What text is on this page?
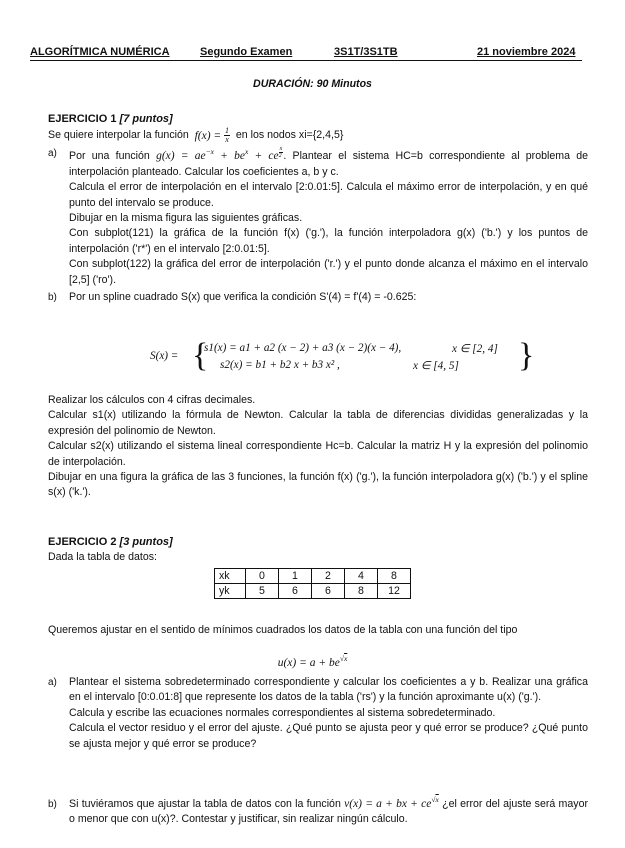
ALGORÍTMICA NUMÉRICA	Segundo Examen	3S1T/3S1TB	21 noviembre 2024
DURACIÓN: 90 Minutos
EJERCICIO 1 [7 puntos]
Se quiere interpolar la función  $f(x) = \frac{1}{x}$ en los nodos xi={2,4,5}
a) Por una función $g(x) = ae^{-x} + be^x$ + ce $^{\frac{x}{2}}$ . Plantear el sistema HC=b correspondiente al problema de interpolación planteado. Calcular los coeficientes a, b y c.
Calcula el error de interpolación en el intervalo [2:0.01:5]. Calcula el máximo error de interpolación, y en qué punto del intervalo se produce.
Dibujar en la misma figura las siguientes gráficas.
Con subplot(121) la gráfica de la función f(x) ('g.'), la función interpoladora g(x) ('b.') y los puntos de interpolación ('r*') en el intervalo [2:0.01:5].
Con subplot(122) la gráfica del error de interpolación ('r.') y el punto donde alcanza el máximo en el intervalo [2,5] ('ro').
b) Por un spline cuadrado S(x) que verifica la condición S'(4) = f'(4) = -0.625:
S(x) = {
s1(x) = a1 + a2 (x − 2) + a3 (x − 2)(x − 4),	x ∈ [2, 4]
s2(x) = b1 + b2 x + b3 x² ,	x ∈ [4, 5] }
Realizar los cálculos con 4 cifras decimales.
Calcular s1(x) utilizando la fórmula de Newton. Calcular la tabla de diferencias divididas generalizadas y la expresión del polinomio de Newton.
Calcular s2(x) utilizando el sistema lineal correspondiente Hc=b. Calcular la matriz H y la expresión del polinomio de interpolación.
Dibujar en una figura la gráfica de las 3 funciones, la función f(x) ('g.'), la función interpoladora g(x) ('b.') y el spline s(x) ('k.').
EJERCICIO 2 [3 puntos]
Dada la tabla de datos:
xk	0	1	2	4	8
yk	5	6	6	8	12
Queremos ajustar en el sentido de mínimos cuadrados los datos de la tabla con una función del tipo
$u(x) = a + be^{√x}$
a) Plantear el sistema sobredeterminado correspondiente y calcular los coeficientes a y b. Realizar una gráfica en el intervalo [0:0.01:8] que represente los datos de la tabla ('rs') y la función aproximante u(x) ('g.').
Calcula y escribe las ecuaciones normales correspondientes al sistema sobredeterminado.
Calcula el vector residuo y el error del ajuste. ¿Qué punto se ajusta peor y qué error se produce? ¿Qué punto se ajusta mejor y qué error se produce?
b) Si tuviéramos que ajustar la tabla de datos con la función v(x) = a + bx + $ce^{√x}$ ¿el error del ajuste será mayor o menor que con u(x)?. Contestar y justificar, sin realizar ningún cálculo.
